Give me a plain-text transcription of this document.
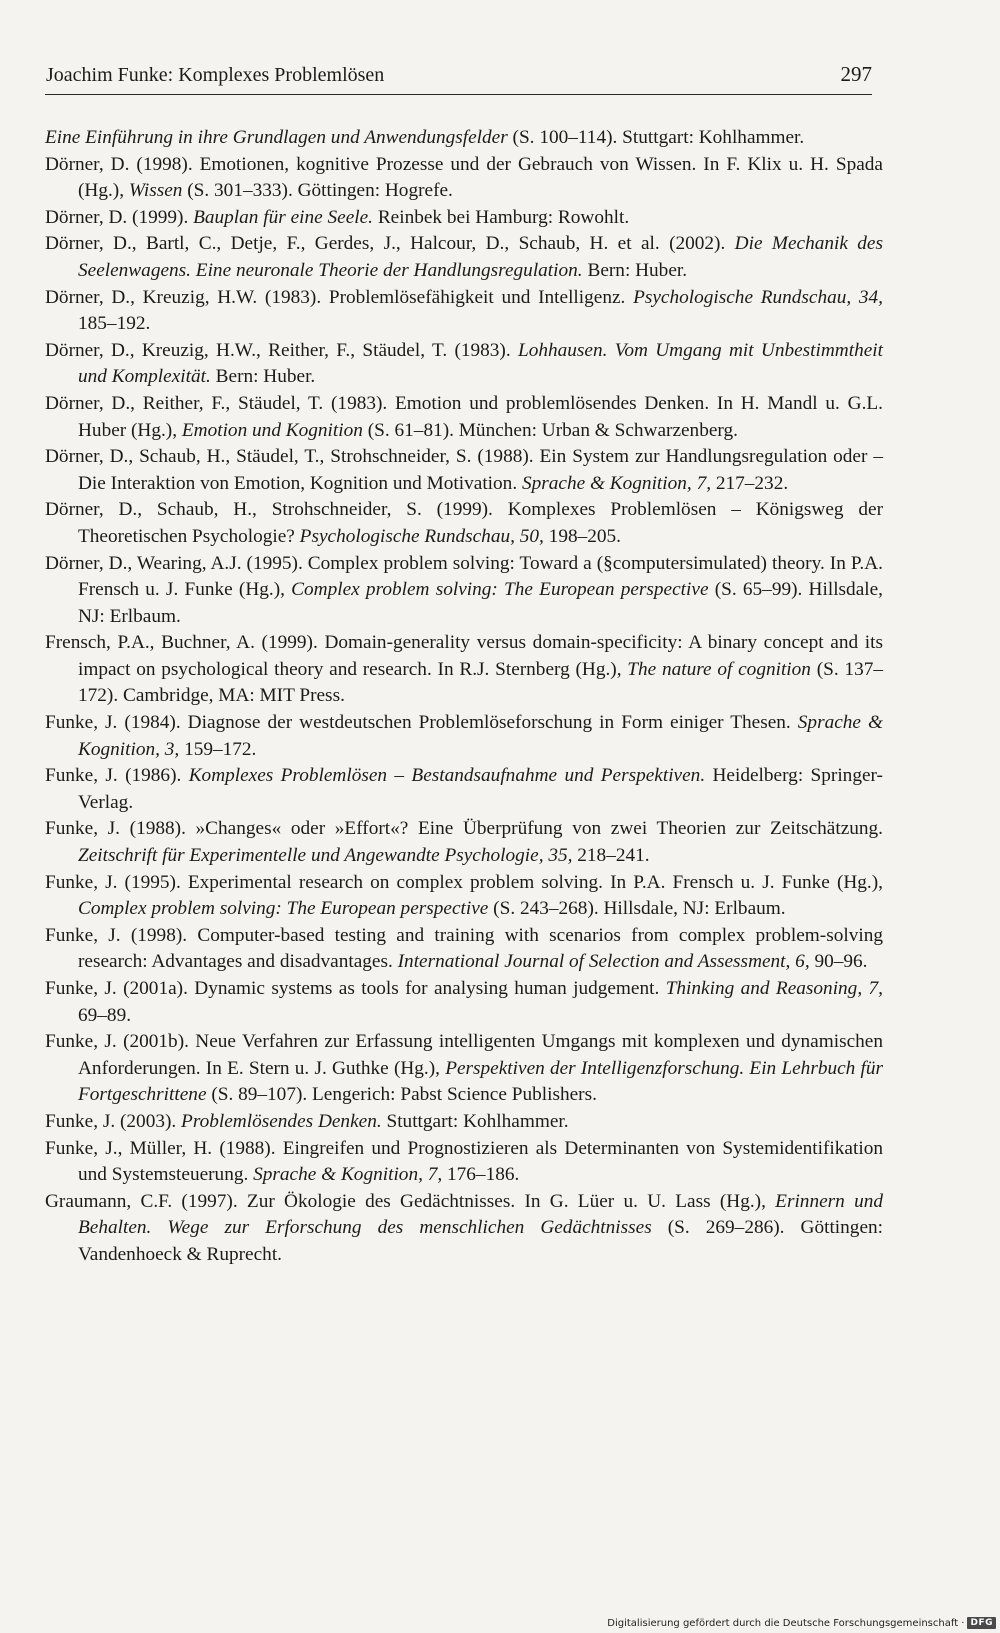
Joachim Funke: Komplexes Problemlösen	297

Eine Einführung in ihre Grundlagen und Anwendungsfelder (S. 100–114). Stuttgart: Kohlhammer.

Dörner, D. (1998). Emotionen, kognitive Prozesse und der Gebrauch von Wissen. In F. Klix u. H. Spada (Hg.), Wissen (S. 301–333). Göttingen: Hogrefe.

Dörner, D. (1999). Bauplan für eine Seele. Reinbek bei Hamburg: Rowohlt.

Dörner, D., Bartl, C., Detje, F., Gerdes, J., Halcour, D., Schaub, H. et al. (2002). Die Mechanik des Seelenwagens. Eine neuronale Theorie der Handlungsregulation. Bern: Huber.

Dörner, D., Kreuzig, H.W. (1983). Problemlösefähigkeit und Intelligenz. Psychologische Rundschau, 34, 185–192.

Dörner, D., Kreuzig, H.W., Reither, F., Stäudel, T. (1983). Lohhausen. Vom Umgang mit Unbestimmtheit und Komplexität. Bern: Huber.

Dörner, D., Reither, F., Stäudel, T. (1983). Emotion und problemlösendes Denken. In H. Mandl u. G.L. Huber (Hg.), Emotion und Kognition (S. 61–81). München: Urban & Schwarzenberg.

Dörner, D., Schaub, H., Stäudel, T., Strohschneider, S. (1988). Ein System zur Handlungsregulation oder – Die Interaktion von Emotion, Kognition und Motivation. Sprache & Kognition, 7, 217–232.

Dörner, D., Schaub, H., Strohschneider, S. (1999). Komplexes Problemlösen – Königsweg der Theoretischen Psychologie? Psychologische Rundschau, 50, 198–205.

Dörner, D., Wearing, A.J. (1995). Complex problem solving: Toward a (§computersimulated) theory. In P.A. Frensch u. J. Funke (Hg.), Complex problem solving: The European perspective (S. 65–99). Hillsdale, NJ: Erlbaum.

Frensch, P.A., Buchner, A. (1999). Domain-generality versus domain-specificity: A binary concept and its impact on psychological theory and research. In R.J. Sternberg (Hg.), The nature of cognition (S. 137–172). Cambridge, MA: MIT Press.

Funke, J. (1984). Diagnose der westdeutschen Problemlöseforschung in Form einiger Thesen. Sprache & Kognition, 3, 159–172.

Funke, J. (1986). Komplexes Problemlösen – Bestandsaufnahme und Perspektiven. Heidelberg: Springer-Verlag.

Funke, J. (1988). »Changes« oder »Effort«? Eine Überprüfung von zwei Theorien zur Zeitschätzung. Zeitschrift für Experimentelle und Angewandte Psychologie, 35, 218–241.

Funke, J. (1995). Experimental research on complex problem solving. In P.A. Frensch u. J. Funke (Hg.), Complex problem solving: The European perspective (S. 243–268). Hillsdale, NJ: Erlbaum.

Funke, J. (1998). Computer-based testing and training with scenarios from complex problem-solving research: Advantages and disadvantages. International Journal of Selection and Assessment, 6, 90–96.

Funke, J. (2001a). Dynamic systems as tools for analysing human judgement. Thinking and Reasoning, 7, 69–89.

Funke, J. (2001b). Neue Verfahren zur Erfassung intelligenten Umgangs mit komplexen und dynamischen Anforderungen. In E. Stern u. J. Guthke (Hg.), Perspektiven der Intelligenzforschung. Ein Lehrbuch für Fortgeschrittene (S. 89–107). Lengerich: Pabst Science Publishers.

Funke, J. (2003). Problemlösendes Denken. Stuttgart: Kohlhammer.

Funke, J., Müller, H. (1988). Eingreifen und Prognostizieren als Determinanten von Systemidentifikation und Systemsteuerung. Sprache & Kognition, 7, 176–186.

Graumann, C.F. (1997). Zur Ökologie des Gedächtnisses. In G. Lüer u. U. Lass (Hg.), Erinnern und Behalten. Wege zur Erforschung des menschlichen Gedächtnisses (S. 269–286). Göttingen: Vandenhoeck & Ruprecht.

Digitalisierung gefördert durch die Deutsche Forschungsgemeinschaft · DFG
